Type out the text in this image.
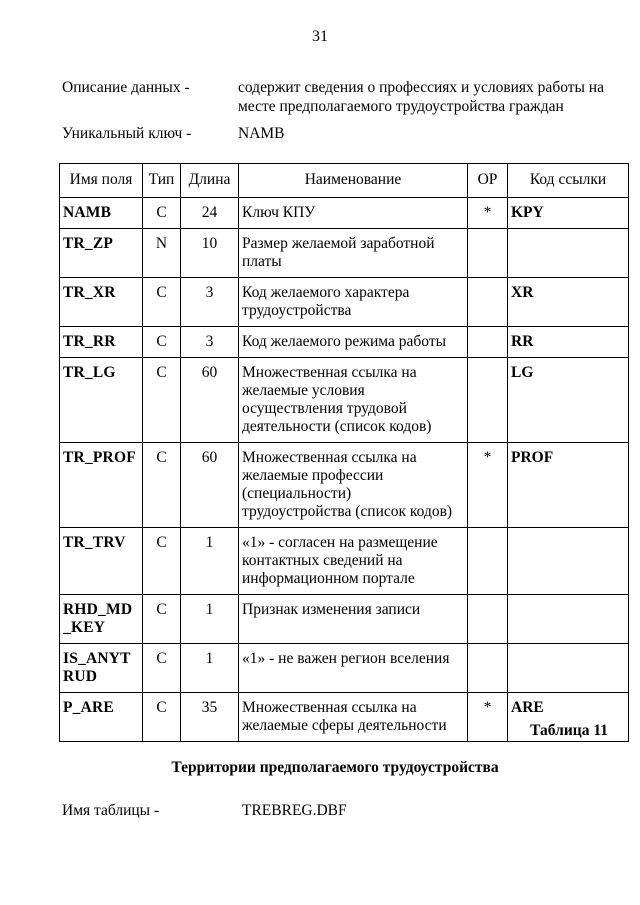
31
Описание данных -	содержит сведения о профессиях и условиях работы на месте предполагаемого трудоустройства граждан
Уникальный ключ -	NAMB
Имя поля	Тип	Длина	Наименование	ОР	Код ссылки
NAMB	C	24	Ключ КПУ	*	KPY
TR_ZP	N	10	Размер желаемой заработной платы		
TR_XR	C	3	Код желаемого характера трудоустройства		XR
TR_RR	C	3	Код желаемого режима работы		RR
TR_LG	C	60	Множественная ссылка на желаемые условия осуществления трудовой деятельности (список кодов)		LG
TR_PROF	C	60	Множественная ссылка на желаемые профессии (специальности) трудоустройства (список кодов)	*	PROF
TR_TRV	C	1	«1» - согласен на размещение контактных сведений на информационном портале		
RHD_MD_KEY	C	1	Признак изменения записи		
IS_ANYTRUD	C	1	«1» - не важен регион вселения		
P_ARE	C	35	Множественная ссылка на желаемые сферы деятельности	*	ARE
Таблица 11
Территории предполагаемого трудоустройства
Имя таблицы -	TREBREG.DBF
